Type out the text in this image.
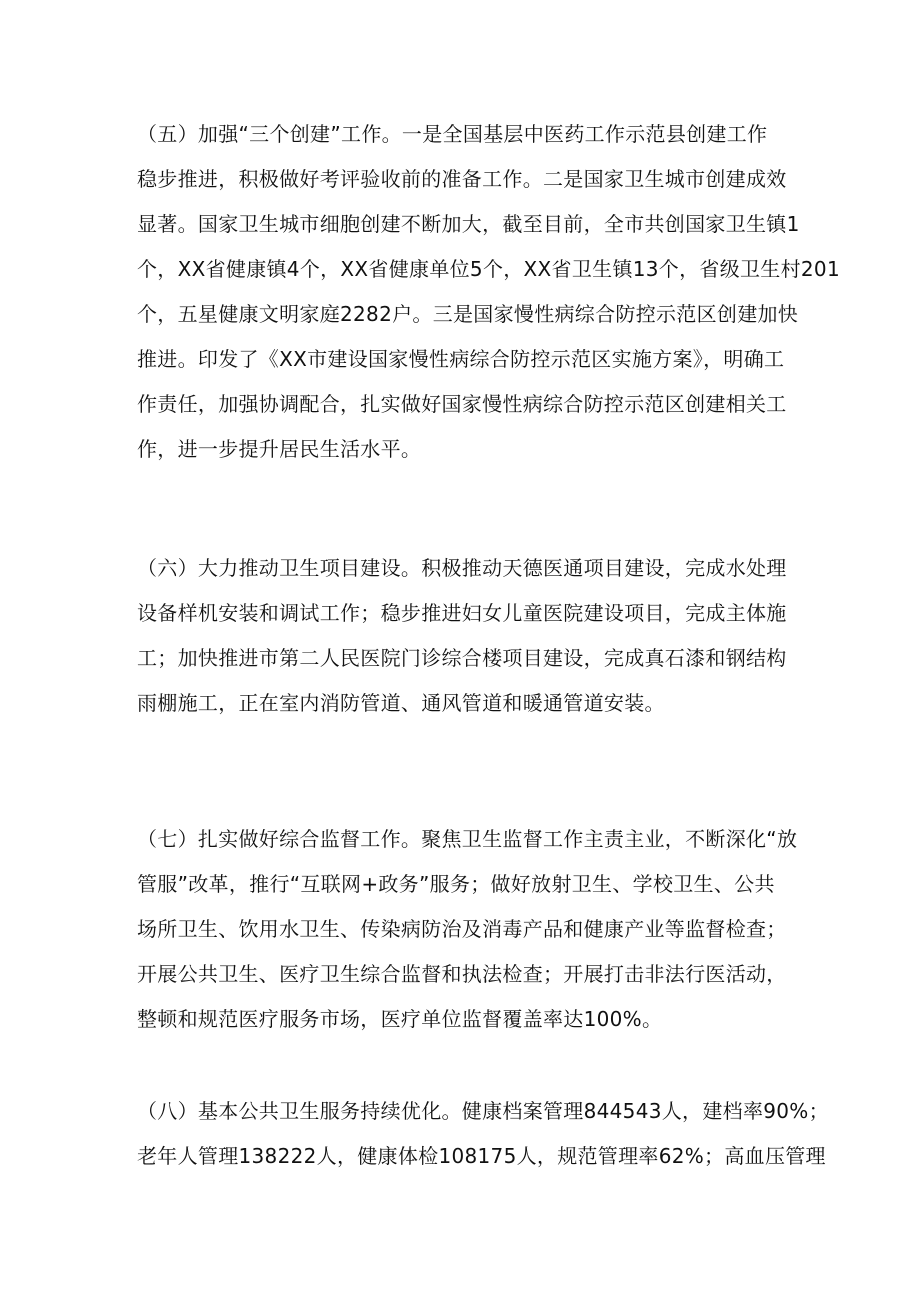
（五）加强“三个创建”工作。一是全国基层中医药工作示范县创建工作
稳步推进，积极做好考评验收前的准备工作。二是国家卫生城市创建成效
显著。国家卫生城市细胞创建不断加大，截至目前，全市共创国家卫生镇1
个，XX省健康镇4个，XX省健康单位5个，XX省卫生镇13个，省级卫生村201
个，五星健康文明家庭2282户。三是国家慢性病综合防控示范区创建加快
推进。印发了《XX市建设国家慢性病综合防控示范区实施方案》，明确工
作责任，加强协调配合，扎实做好国家慢性病综合防控示范区创建相关工
作，进一步提升居民生活水平。
（六）大力推动卫生项目建设。积极推动天德医通项目建设，完成水处理
设备样机安装和调试工作；稳步推进妇女儿童医院建设项目，完成主体施
工；加快推进市第二人民医院门诊综合楼项目建设，完成真石漆和钢结构
雨棚施工，正在室内消防管道、通风管道和暖通管道安装。
（七）扎实做好综合监督工作。聚焦卫生监督工作主责主业，不断深化“放
管服”改革，推行“互联网+政务”服务；做好放射卫生、学校卫生、公共
场所卫生、饮用水卫生、传染病防治及消毒产品和健康产业等监督检查；
开展公共卫生、医疗卫生综合监督和执法检查；开展打击非法行医活动，
整顿和规范医疗服务市场，医疗单位监督覆盖率达100%。
（八）基本公共卫生服务持续优化。健康档案管理844543人，建档率90%；
老年人管理138222人，健康体检108175人，规范管理率62%；高血压管理
